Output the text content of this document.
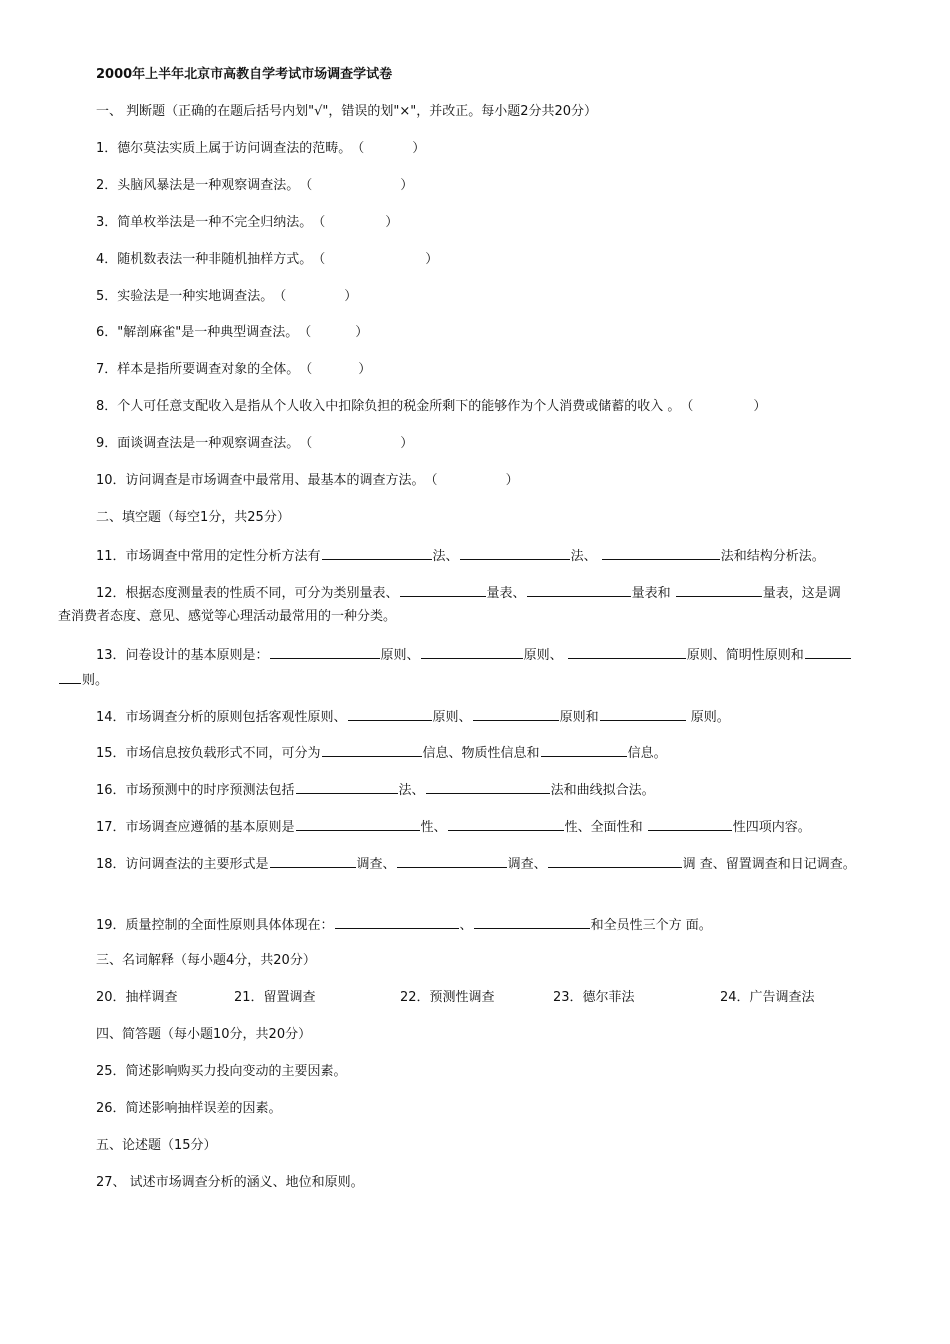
2000年上半年北京市高教自学考试市场调查学试卷
一、 判断题（正确的在题后括号内划"√"，错误的划"×"，并改正。每小题2分共20分）
1．德尔莫法实质上属于访问调查法的范畴。（	）
2．头脑风暴法是一种观察调查法。（	）
3．简单枚举法是一种不完全归纳法。（	）
4．随机数表法一种非随机抽样方式。（	）
5．实验法是一种实地调查法。（	）
6．"解剖麻雀"是一种典型调查法。（	）
7．样本是指所要调查对象的全体。（	）
8．个人可任意支配收入是指从个人收入中扣除负担的税金所剩下的能够作为个人消费或储蓄的收入 。（	）
9．面谈调查法是一种观察调查法。（	）
10．访问调查是市场调查中最常用、最基本的调查方法。（	）
二、填空题（每空1分，共25分）
11．市场调查中常用的定性分析方法有	法、	法、	法和结构分析法。
12．根据态度测量表的性质不同，可分为类别量表、	量表、	量表和	量表，这是调
查消费者态度、意见、感觉等心理活动最常用的一种分类。
13．问卷设计的基本原则是：	原则、	原则、	原则、简明性原则和
则。
14．市场调查分析的原则包括客观性原则、	原则、	原则和	原则。
15．市场信息按负载形式不同，可分为	信息、物质性信息和	信息。
16．市场预测中的时序预测法包括	法、	法和曲线拟合法。
17．市场调查应遵循的基本原则是	性、	性、全面性和	性四项内容。
18．访问调查法的主要形式是	调查、	调查、	调 查、留置调查和日记调查。
19．质量控制的全面性原则具体体现在：	、	和全员性三个方 面。
三、名词解释（每小题4分，共20分）
20．抽样调查	21．留置调查	22．预测性调查	23．德尔菲法	24．广告调查法
四、简答题（每小题10分，共20分）
25．简述影响购买力投向变动的主要因素。
26．简述影响抽样误差的因素。
五、论述题（15分）
27、 试述市场调查分析的涵义、地位和原则。
